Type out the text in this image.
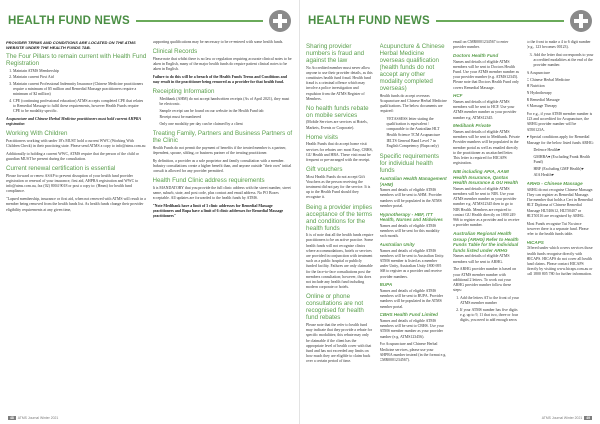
HEALTH FUND NEWS

PROVIDER TERMS AND CONDITIONS ARE LOCATED ON THE ATMS WEBSITE UNDER THE HEALTH FUNDS TAB.

The Four Pillars to remain current with Health Fund Registration
1. Maintain ATMS Membership
2. Maintain current First Aid
3. Maintain current Professional Indemnity Insurance (Chinese Medicine practitioners require a minimum of $5 million and Remedial Massage practitioners require a minimum of $2 million)
4. CPE (continuing professional education) ATMS accepts completed CPE that relates to Remedial Massage to fulfil these requirements, however Health Funds require CPE to be modality specific.

Acupuncture and Chinese Herbal Medicine practitioners must hold current AHPRA registration

Working With Children

Practitioners working with under 18's MUST hold a current WWC (Working With Children Check) in their practicing state. Please send ATMS a copy to info@atms.com.au

Additionally to holding a current WWC, ATMS require that the person of the child or guardian MUST be present during the consultation.

Current renewal certification is essential

Please forward or renew ASAP to prevent disruption of your health fund provider registration or renewal of your insurance, first aid, AHPRA registration and WWC to info@atms.com.au, fax (02) 8004 9018 or post a copy to: (Hmm) for health fund compliance.

"Lapsed membership, insurance or first aid, when not renewed with ATMS will result in a member being removed from the health funds list. As health funds change their provider eligibility requirements at any given time,

supporting qualifications may be necessary to be re-entered with some health funds.

Clinical Records

Please note that whilst there is no law or regulation requiring accurate clinical notes to be taken in English, many of the major health funds do require patient clinical notes to be taken in English.

Failure to do this will be a breach of the Health Funds Terms and Conditions and may result in the practitioner being removed as a provider for that health fund.

Receipting Information
• Medibank (AHM) do not accept handwritten receipts (As of April 2021), they must be electronic.
• Sample receipt can be found on our website in the Health Fund tab
• Receipt must be numbered
• Only one modality per day can be claimed by a client
Treating Family, Partners and Business Partners of the Clinic

Health Funds do not permit the payment of benefits if the treated member is a partner, dependent, spouse, sibling, or business partner of the treating practitioner.

By definition, a provider as a sole proprietor and family consultation with a member. Industry consultations create a higher benefit than, and anyone outside "their own" initial consult is allowed for any provider permitted.

Health Fund Clinic address requirements

It is MANDATORY that you provide the full clinic address with the street number, street name, suburb, state, and post code, plus contact and email address. No PO Boxes acceptable. All updates are forwarded to the health funds by ATMS.

"Note Medibank have a limit of 3 clinic addresses for Remedial Massage practitioners and Bupa have a limit of 6 clinic addresses for Remedial Massage practitioners"

48	ATMS Journal Winter 2021
HEALTH FUND NEWS
Sharing provider numbers is fraud and against the law

No Accredited member must never allow anyone to use their provider details, as this constitutes health fund fraud. Health fund fraud is a criminal offence which may involve a police investigation and expulsion from the ATMS Register of Members.

No health funds rebate on mobile services

(Mobile Services are services at Hotels, Markets, Events or Corporate).

Home visits

Health Funds that do accept home visit services for rebates are: most Easy, CBHS, GU Health and HBA. These visit must be frequent or pre-arranged with the receipt.

Gift vouchers

Most Health Funds do not accept Gift Vouchers as the person receiving the treatment did not pay for the service. It is up to the Health Fund should they recognise it.

Being a provider implies acceptance of the terms and conditions for the health funds

It is of note that all the health funds require practitioners to be an active practice. Some health funds will not recognise clinics where accommodations, hotels or services are provided in conjunction with treatment such as a public hospital or publicly funded facility. Failures are only claimable for the face-to-face consultations post the members consultation; however, this does not include any health fund including modern corporate or hotels.

Online or phone consultations are not recognised for health fund rebates

Please note that the refer to health fund may indicate that they provide a rebate for specific modalities; this rebate may only be claimable if the client has the appropriate level of health cover with that fund and has not exceeded any limits on how much they are eligible to claim back over a certain period of time.

Acupuncture & Chinese Herbal Medicine overseas qualification (health funds do not accept any other modality completed overseas)

Health funds do accept overseas Acupuncture and Chinese Herbal Medicine qualifications. The below documents are required:

• VETASSESS letter stating the qualification is equivalent / comparable to the Australian HLT Health Science TCM Acupuncture
• IELTS General Band Level 7 in English Competency (Bupa only)
Specific requirements for individual health funds
Australian Health Management (AHM)

Names and details of eligible ATMS members will be sent to AHM. Provider numbers will be populated in the ATMS member portal.

Hypnotherapy - HBF, ITT Health, Nurses and Midwives

Names and details of eligible ATMS members will be sent for this modality each month.

Australian Unity

Names and details of eligible ATMS members will be sent to Australian Unity. ATMS member is listed as a member under Unity, Australian Unity 1800 695 668 to register as a provider and receive provider numbers.

BUPA

Names and details of eligible ATMS members will be sent to BUPA. Provider numbers will be populated in the ATMS member portal.

CBHS Health Fund Limited

Names and details of eligible ATMS members will be sent to CBHS. Use your ATMS member number as your provider number (e.g. ATMS123456).

For Acupuncture and Chinese Herbal Medicine services, please use your AHPRA number instead (in the format e.g. CMR0001234567).

email on CMR0001234567 to enter provider number.

Doctors Health Fund

Names and details of eligible ATMS members will be sent to Doctors Health Fund. Use your ATMS member number as your provider number (e.g. ATMS12345). Please note that Doctors Health Fund only covers Remedial Massage.

HCF

Names and details of eligible ATMS members will be sent to HCF. Use your ATMS member number as your provider number e.g. ATMS12345.

Medibank Private

Names and details of eligible ATMS members will be sent to Medibank. Private Provider numbers will be populated in the member portal as well as emailed directly to the practitioner as an attached letter. This letter is required for HICAPS registration.

NIB including APIA, AAMI Health Insurance, Qantas Health Insurance & GU Health

Names and details of eligible ATMS members will be sent to NIB. Use your ATMS member number as your provider number e.g. ATMS12345 then to go to NIB Health. Members are required to contact GU Health directly on 1800 249 966 to register as a provider and to receive a provider number.

Australian Regional Health Group (ARHG) Refer to Health Funds Table for the individual funds listed under ARHG

Names and details of eligible ATMS members will be sent to ARHG.

The ARHG provider number is based on your ATMS member number with additional 2 letters. To work out your ARHG provider number follow these steps:

1. Add the letters AT to the front of your ATMS member number
2. If your ATMS number has five digits e.g. up to 9, 11 that two, three or four digits, you need to add enough zeros

to the front to make a 4 to 6 digit number (e.g., 123 becomes 00123).

3. Add the letter that corresponds to your accredited modalities at the end of the provider number.
A Acupuncture
C Chinese Herbal Medicine
H Nutrition
N Hydrotherapy
R Remedial Massage
S Massage Therapy

For e.g., if your ATMS member number is 123 and accredited for Acupuncture, the ARHG provider number will be AT00123A.

♥ Special conditions apply for Remedial Massage for the below listed funds ARHG:

• Defence Health♥
• GMHBA♥ (Excluding Frank Health Fund)
• HBF (Excluding GMF Health)♥
• AIA Health♥
ARHG - Chinese Massage

ARHG do not recognise Chinese Massage. They can register as Remedial Massage. The member that holds a Cert in Remedial HLT Diploma of Chinese Remedial Massage HLT40612, HLT50407 or HLT50116 are recognised by ARHG.

Most Funds recognise Tui Na since however there is a separate fund. Please refer to the health funds table.

HICAPS

Offered under which covers services those health funds recognise directly with HICAPS. HICAPS do not cover all health fund claims. Please contact HICAPS directly by visiting www.hicaps.com.au or call 1800 805 780 for further information.

ATMS Journal Winter 2021	49
